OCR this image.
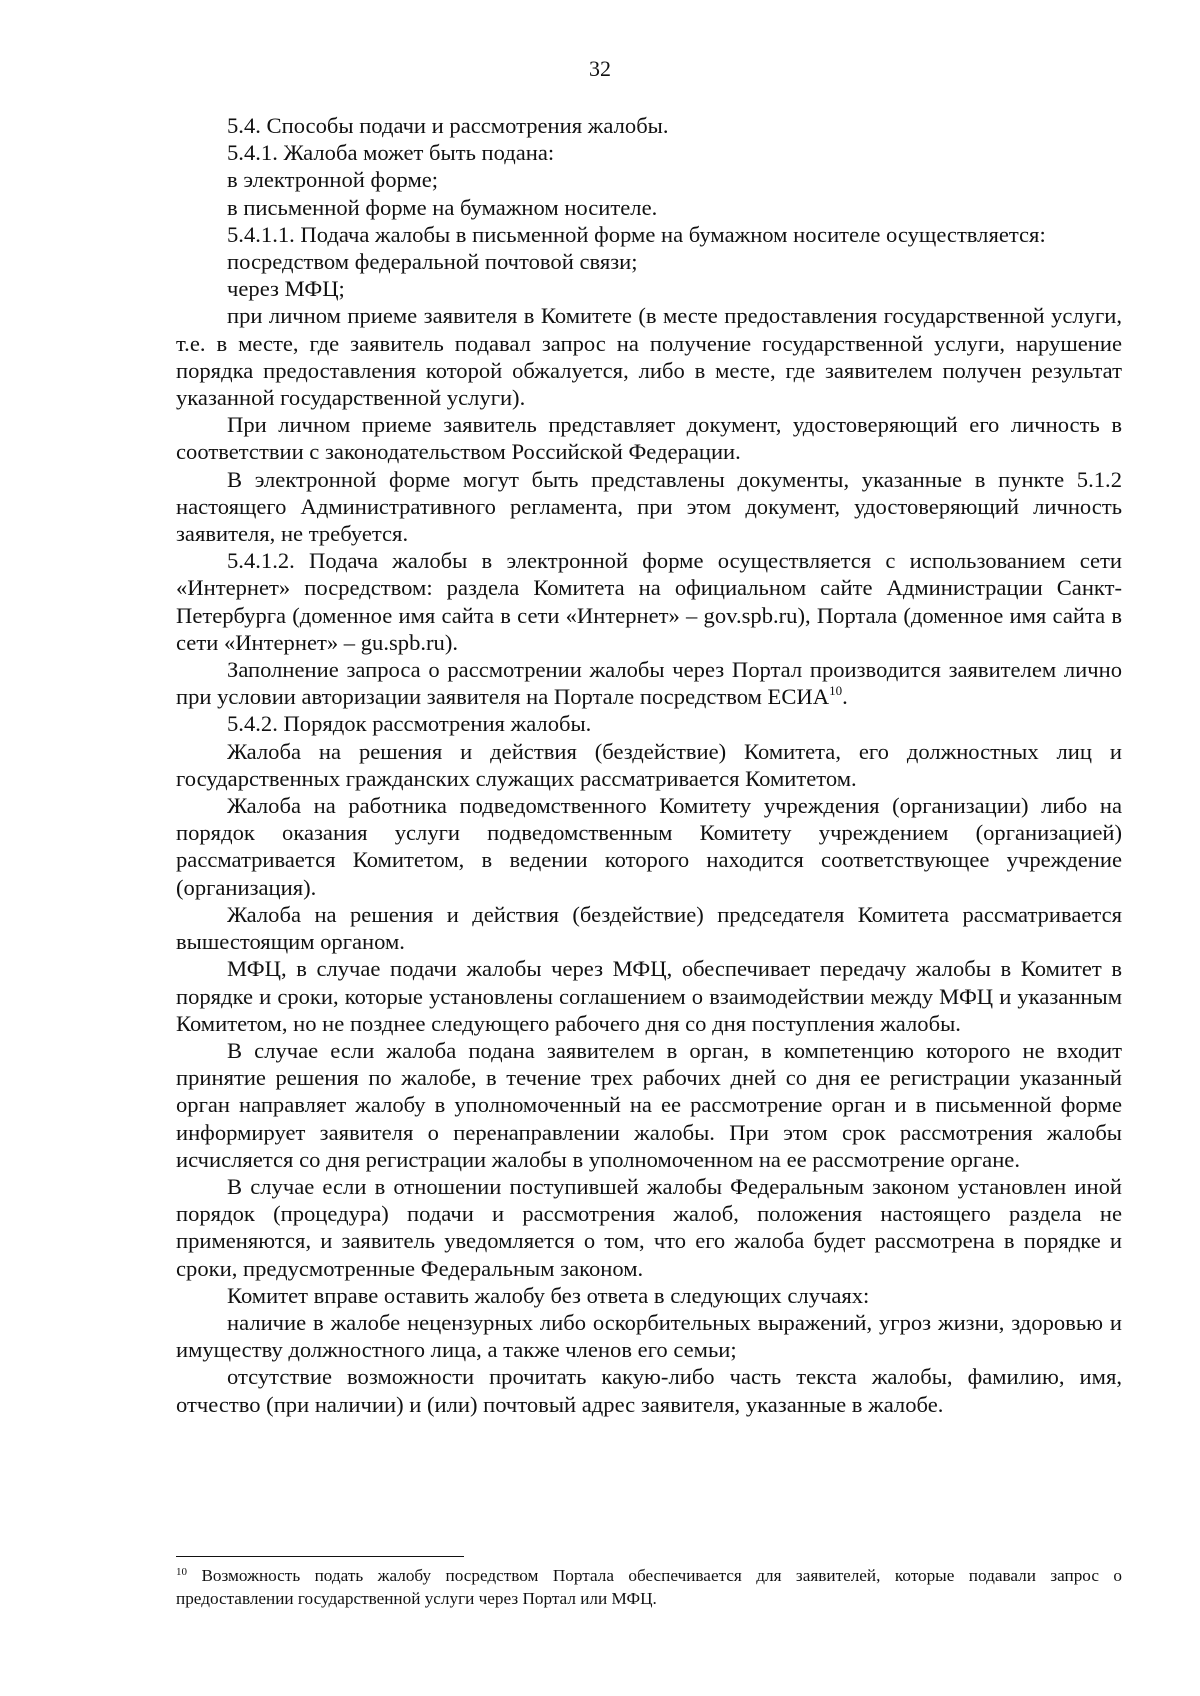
32

5.4. Способы подачи и рассмотрения жалобы.

5.4.1. Жалоба может быть подана:

в электронной форме;

в письменной форме на бумажном носителе.

5.4.1.1. Подача жалобы в письменной форме на бумажном носителе осуществляется:

посредством федеральной почтовой связи;

через МФЦ;

при личном приеме заявителя в Комитете (в месте предоставления государственной услуги, т.е. в месте, где заявитель подавал запрос на получение государственной услуги, нарушение порядка предоставления которой обжалуется, либо в месте, где заявителем получен результат указанной государственной услуги).

При личном приеме заявитель представляет документ, удостоверяющий его личность в соответствии с законодательством Российской Федерации.

В электронной форме могут быть представлены документы, указанные в пункте 5.1.2 настоящего Административного регламента, при этом документ, удостоверяющий личность заявителя, не требуется.

5.4.1.2. Подача жалобы в электронной форме осуществляется с использованием сети «Интернет» посредством: раздела Комитета на официальном сайте Администрации Санкт-Петербурга (доменное имя сайта в сети «Интернет» – gov.spb.ru), Портала (доменное имя сайта в сети «Интернет» – gu.spb.ru).

Заполнение запроса о рассмотрении жалобы через Портал производится заявителем лично при условии авторизации заявителя на Портале посредством ЕСИА$^{10}$.

5.4.2. Порядок рассмотрения жалобы.

Жалоба на решения и действия (бездействие) Комитета, его должностных лиц и государственных гражданских служащих рассматривается Комитетом.

Жалоба на работника подведомственного Комитету учреждения (организации) либо на порядок оказания услуги подведомственным Комитету учреждением (организацией) рассматривается Комитетом, в ведении которого находится соответствующее учреждение (организация).

Жалоба на решения и действия (бездействие) председателя Комитета рассматривается вышестоящим органом.

МФЦ, в случае подачи жалобы через МФЦ, обеспечивает передачу жалобы в Комитет в порядке и сроки, которые установлены соглашением о взаимодействии между МФЦ и указанным Комитетом, но не позднее следующего рабочего дня со дня поступления жалобы.

В случае если жалоба подана заявителем в орган, в компетенцию которого не входит принятие решения по жалобе, в течение трех рабочих дней со дня ее регистрации указанный орган направляет жалобу в уполномоченный на ее рассмотрение орган и в письменной форме информирует заявителя о перенаправлении жалобы. При этом срок рассмотрения жалобы исчисляется со дня регистрации жалобы в уполномоченном на ее рассмотрение органе.

В случае если в отношении поступившей жалобы Федеральным законом установлен иной порядок (процедура) подачи и рассмотрения жалоб, положения настоящего раздела не применяются, и заявитель уведомляется о том, что его жалоба будет рассмотрена в порядке и сроки, предусмотренные Федеральным законом.

Комитет вправе оставить жалобу без ответа в следующих случаях:

наличие в жалобе нецензурных либо оскорбительных выражений, угроз жизни, здоровью и имуществу должностного лица, а также членов его семьи;

отсутствие возможности прочитать какую-либо часть текста жалобы, фамилию, имя, отчество (при наличии) и (или) почтовый адрес заявителя, указанные в жалобе.

$^{10}$ Возможность подать жалобу посредством Портала обеспечивается для заявителей, которые подавали запрос о предоставлении государственной услуги через Портал или МФЦ.
